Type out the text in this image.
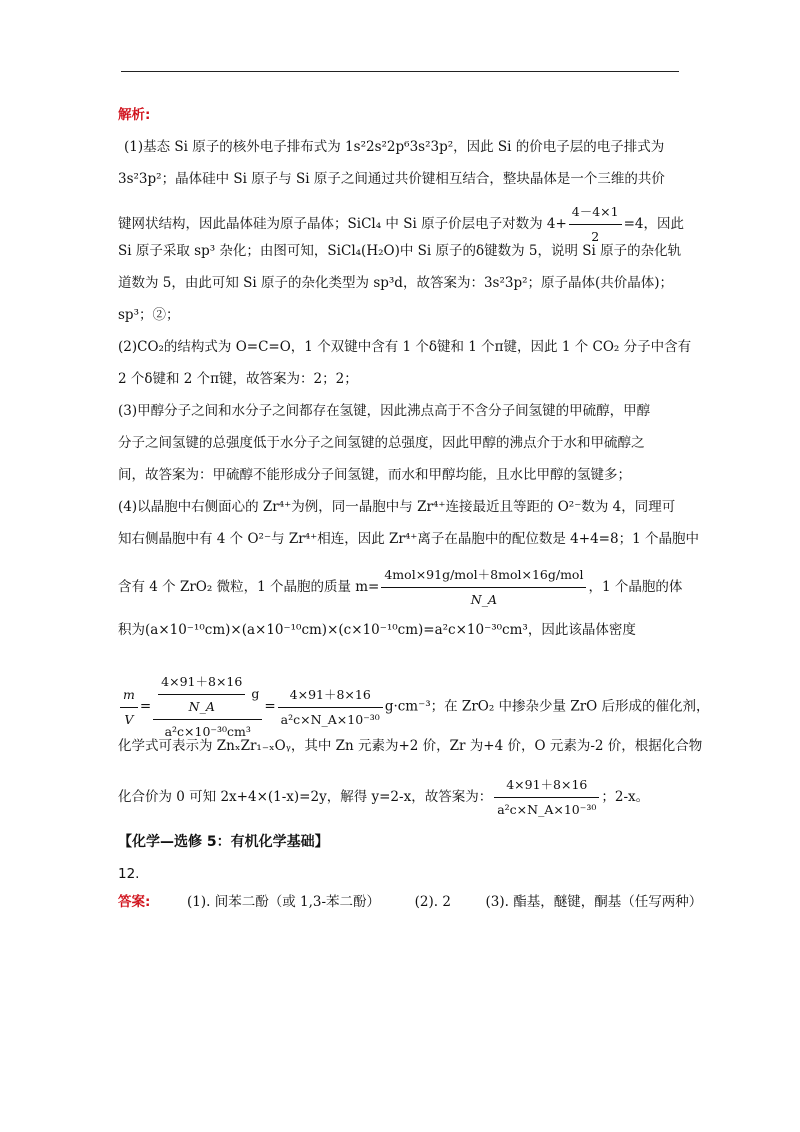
解析:
(1)基态 Si 原子的核外电子排布式为 1s²2s²2p⁶3s²3p²，因此 Si 的价电子层的电子排式为
3s²3p²；晶体硅中 Si 原子与 Si 原子之间通过共价键相互结合，整块晶体是一个三维的共价
键网状结构，因此晶体硅为原子晶体；SiCl₄ 中 Si 原子价层电子对数为 $4+ \frac{4-4\times 1}{2} =4$，因此
Si 原子采取 sp³ 杂化；由图可知，SiCl₄(H₂O)中 Si 原子的δ键数为 5，说明 Si 原子的杂化轨
道数为 5，由此可知 Si 原子的杂化类型为 sp³d，故答案为：3s²3p²；原子晶体(共价晶体)；
sp³；②；
(2)CO₂的结构式为 O=C=O，1 个双键中含有 1 个δ键和 1 个π键，因此 1 个 CO₂ 分子中含有
2 个δ键和 2 个π键，故答案为：2；2；
(3)甲醇分子之间和水分子之间都存在氢键，因此沸点高于不含分子间氢键的甲硫醇，甲醇
分子之间氢键的总强度低于水分子之间氢键的总强度，因此甲醇的沸点介于水和甲硫醇之
间，故答案为：甲硫醇不能形成分子间氢键，而水和甲醇均能，且水比甲醇的氢键多；
(4)以晶胞中右侧面心的 Zr⁴⁺为例，同一晶胞中与 Zr⁴⁺连接最近且等距的 O²⁻数为 4，同理可
知右侧晶胞中有 4 个 O²⁻与 Zr⁴⁺相连，因此 Zr⁴⁺离子在晶胞中的配位数是 4+4=8；1 个晶胞中
含有 4 个 ZrO₂ 微粒，1 个晶胞的质量 $m= \frac{\text{4mol×91g/mol＋8mol×16g/mol}}{N\_A}$ ，1 个晶胞的体
积为(a×10⁻¹⁰cm)×(a×10⁻¹⁰cm)×(c×10⁻¹⁰cm)=a²c×10⁻³⁰cm³，因此该晶体密度
$\frac{m}{V} = \frac{\frac{4\times 91+8\times 16}{N\_A} g}{\text{a²c×10⁻³⁰cm³}} = \frac{4\times 91+8\times 16}{\text{a²c×N\_A×10⁻³⁰}} g\cdot cm^{-3}$；在 ZrO₂ 中掺杂少量 ZrO 后形成的催化剂，
化学式可表示为 ZnₓZr₁₋ₓOᵧ，其中 Zn 元素为+2 价，Zr 为+4 价，O 元素为-2 价，根据化合物
化合价为 0 可知 2x+4×(1-x)=2y，解得 y=2-x，故答案为： $\frac{4\times 91+8\times 16}{\text{a²c×N\_A×10⁻³⁰}}$ ；2-x。
【化学—选修 5：有机化学基础】
12.
答案:	(1). 间苯二酚（或 1,3-苯二酚）	(2). 2	(3). 酯基，醚键，酮基（任写两种）
